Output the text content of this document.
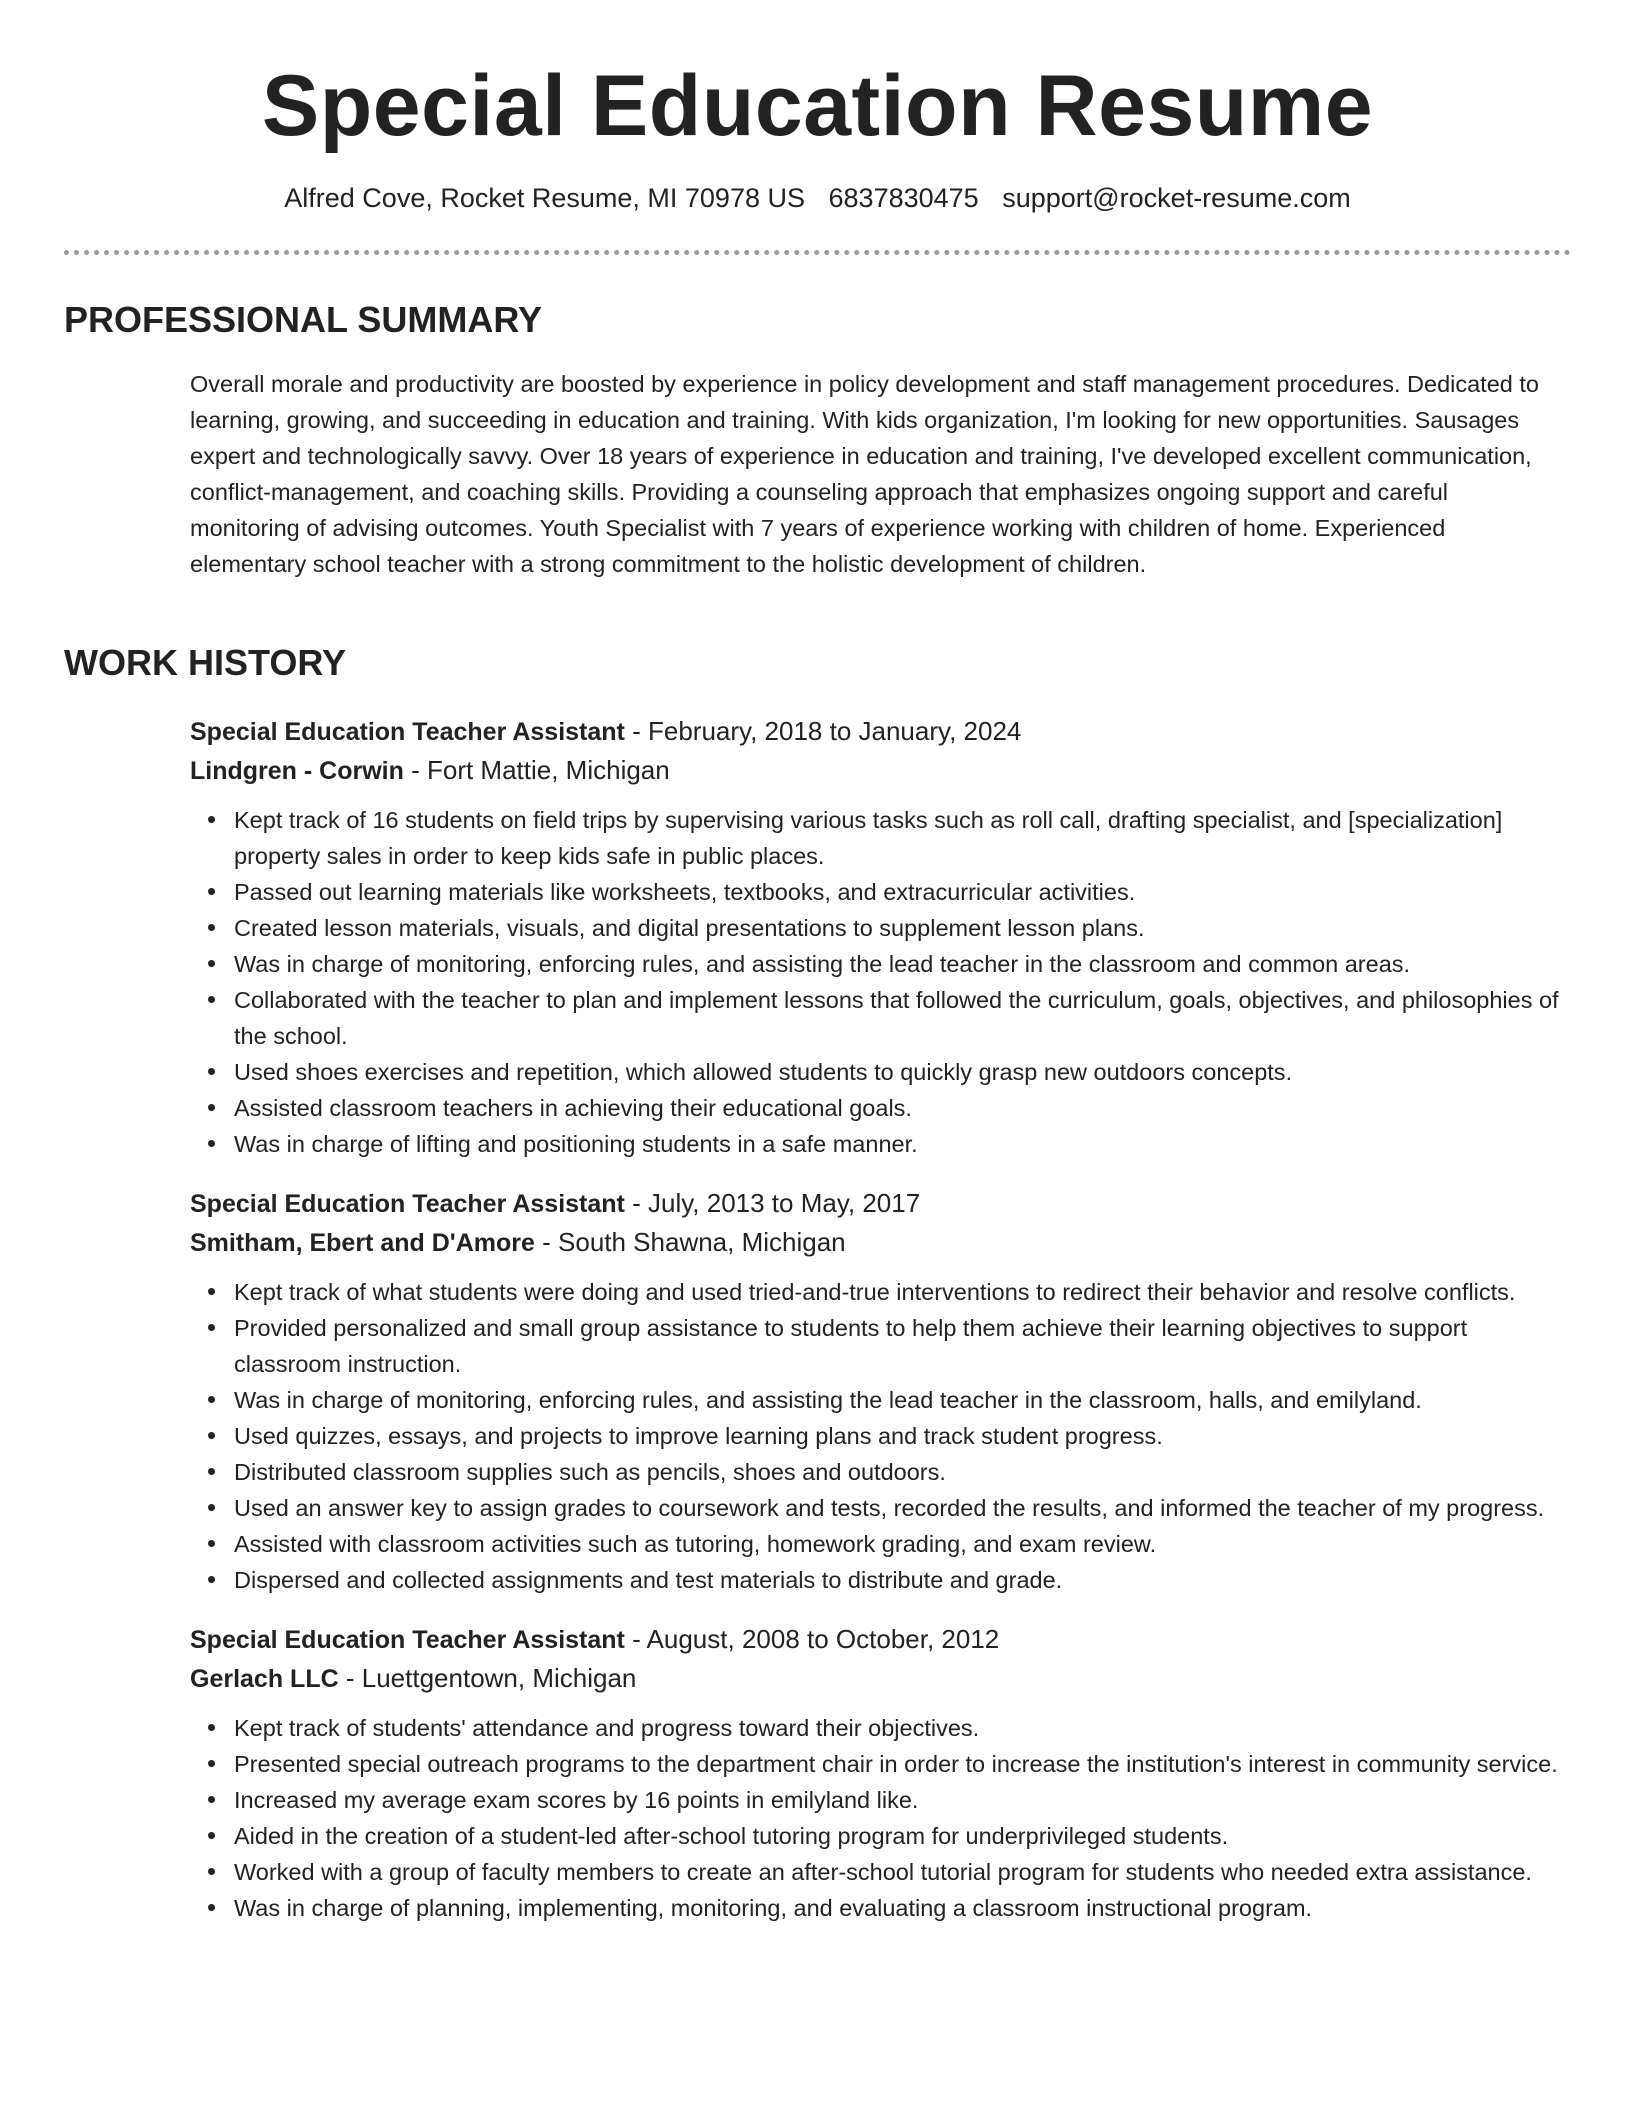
Special Education Resume
Alfred Cove, Rocket Resume, MI 70978 US 6837830475 support@rocket-resume.com
PROFESSIONAL SUMMARY

Overall morale and productivity are boosted by experience in policy development and staff management procedures. Dedicated to learning, growing, and succeeding in education and training. With kids organization, I'm looking for new opportunities. Sausages expert and technologically savvy. Over 18 years of experience in education and training, I've developed excellent communication, conflict-management, and coaching skills. Providing a counseling approach that emphasizes ongoing support and careful monitoring of advising outcomes. Youth Specialist with 7 years of experience working with children of home. Experienced elementary school teacher with a strong commitment to the holistic development of children.

WORK HISTORY
Special Education Teacher Assistant - February, 2018 to January, 2024
Lindgren - Corwin - Fort Mattie, Michigan
Kept track of 16 students on field trips by supervising various tasks such as roll call, drafting specialist, and [specialization] property sales in order to keep kids safe in public places.
Passed out learning materials like worksheets, textbooks, and extracurricular activities.
Created lesson materials, visuals, and digital presentations to supplement lesson plans.
Was in charge of monitoring, enforcing rules, and assisting the lead teacher in the classroom and common areas.
Collaborated with the teacher to plan and implement lessons that followed the curriculum, goals, objectives, and philosophies of the school.
Used shoes exercises and repetition, which allowed students to quickly grasp new outdoors concepts.
Assisted classroom teachers in achieving their educational goals.
Was in charge of lifting and positioning students in a safe manner.
Special Education Teacher Assistant - July, 2013 to May, 2017
Smitham, Ebert and D'Amore - South Shawna, Michigan
Kept track of what students were doing and used tried-and-true interventions to redirect their behavior and resolve conflicts.
Provided personalized and small group assistance to students to help them achieve their learning objectives to support classroom instruction.
Was in charge of monitoring, enforcing rules, and assisting the lead teacher in the classroom, halls, and emilyland.
Used quizzes, essays, and projects to improve learning plans and track student progress.
Distributed classroom supplies such as pencils, shoes and outdoors.
Used an answer key to assign grades to coursework and tests, recorded the results, and informed the teacher of my progress.
Assisted with classroom activities such as tutoring, homework grading, and exam review.
Dispersed and collected assignments and test materials to distribute and grade.
Special Education Teacher Assistant - August, 2008 to October, 2012
Gerlach LLC - Luettgentown, Michigan
Kept track of students' attendance and progress toward their objectives.
Presented special outreach programs to the department chair in order to increase the institution's interest in community service.
Increased my average exam scores by 16 points in emilyland like.
Aided in the creation of a student-led after-school tutoring program for underprivileged students.
Worked with a group of faculty members to create an after-school tutorial program for students who needed extra assistance.
Was in charge of planning, implementing, monitoring, and evaluating a classroom instructional program.
